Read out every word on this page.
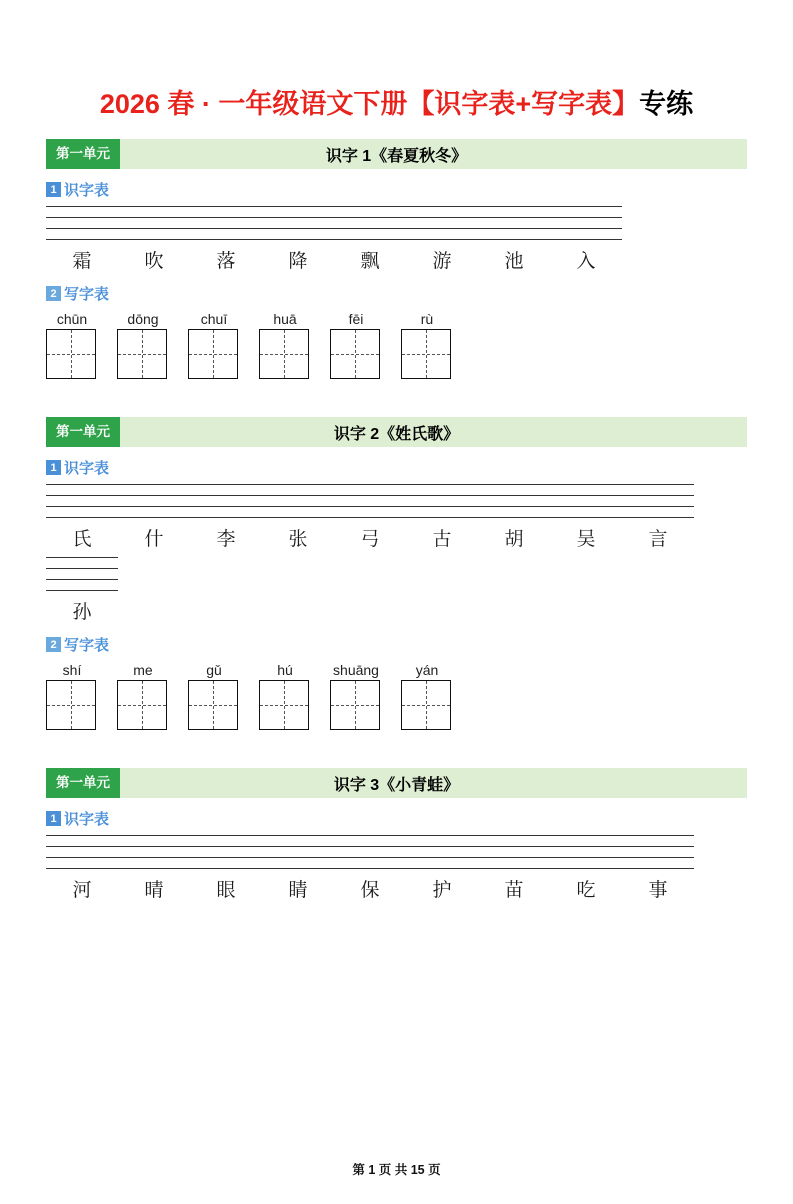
2026 春 · 一年级语文下册【识字表+写字表】专练
第一单元	识字 1《春夏秋冬》
1 识字表
霜	吹	落	降	飘	游	池	入
2 写字表
chūn	dōng	chuī	huā	fēi	rù
第一单元	识字 2《姓氏歌》
1 识字表
氏	什	李	张	弓	古	胡	吴	言
孙
2 写字表
shí	me	gǔ	hú	shuāng	yán
第一单元	识字 3《小青蛙》
1 识字表
河	晴	眼	睛	保	护	苗	吃	事
第 1 页 共 15 页
